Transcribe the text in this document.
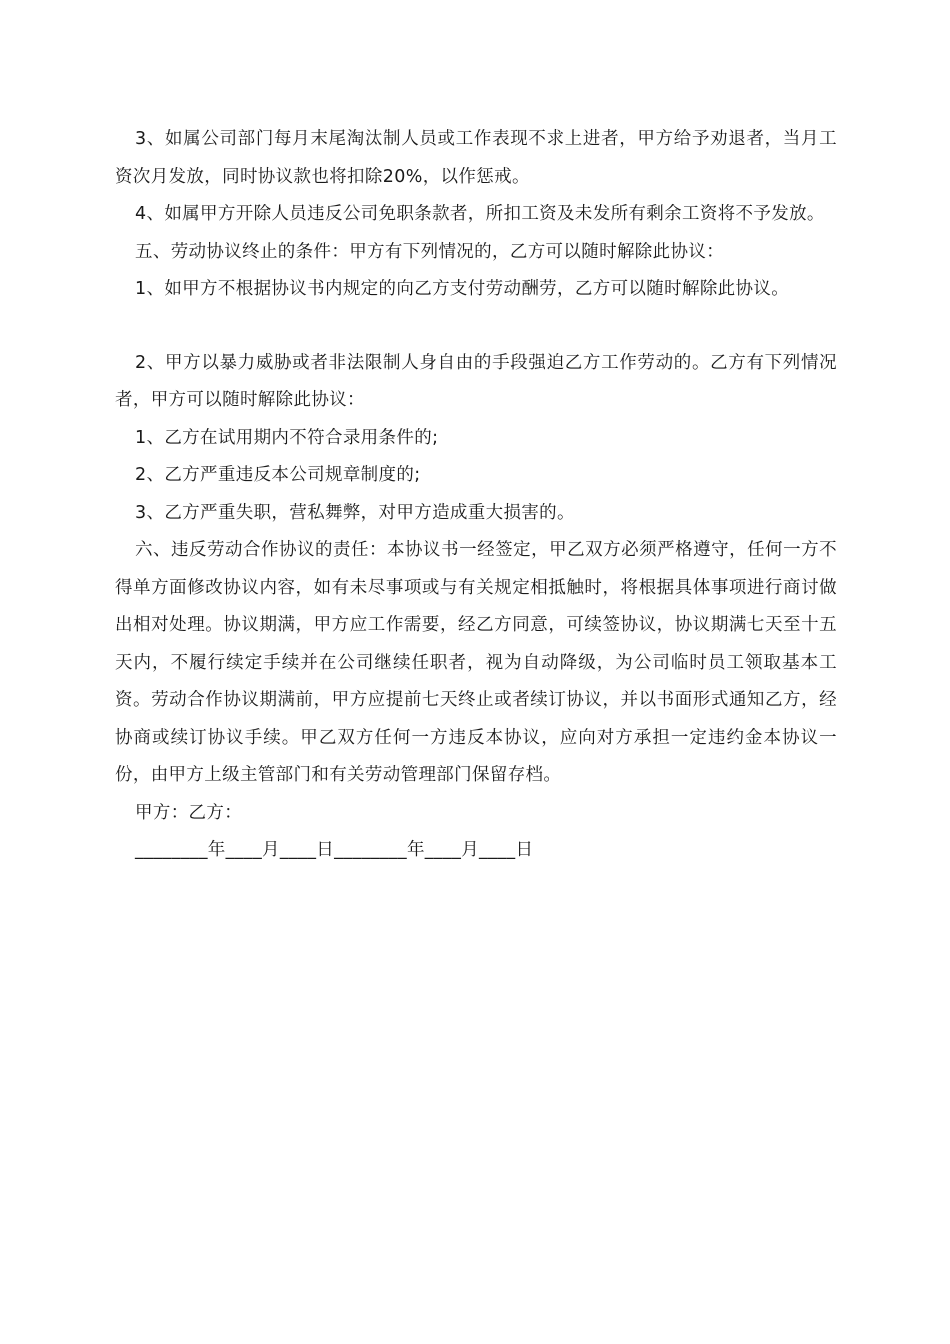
3、如属公司部门每月末尾淘汰制人员或工作表现不求上进者，甲方给予劝退者，当月工资次月发放，同时协议款也将扣除20%，以作惩戒。

4、如属甲方开除人员违反公司免职条款者，所扣工资及未发所有剩余工资将不予发放。

五、劳动协议终止的条件：甲方有下列情况的，乙方可以随时解除此协议：

1、如甲方不根据协议书内规定的向乙方支付劳动酬劳，乙方可以随时解除此协议。

2、甲方以暴力威胁或者非法限制人身自由的手段强迫乙方工作劳动的。乙方有下列情况者，甲方可以随时解除此协议：

1、乙方在试用期内不符合录用条件的;

2、乙方严重违反本公司规章制度的;

3、乙方严重失职，营私舞弊，对甲方造成重大损害的。

六、违反劳动合作协议的责任：本协议书一经签定，甲乙双方必须严格遵守，任何一方不得单方面修改协议内容，如有未尽事项或与有关规定相抵触时，将根据具体事项进行商讨做出相对处理。协议期满，甲方应工作需要，经乙方同意，可续签协议，协议期满七天至十五天内，不履行续定手续并在公司继续任职者，视为自动降级，为公司临时员工领取基本工资。劳动合作协议期满前，甲方应提前七天终止或者续订协议，并以书面形式通知乙方，经协商或续订协议手续。甲乙双方任何一方违反本协议，应向对方承担一定违约金本协议一份，由甲方上级主管部门和有关劳动管理部门保留存档。

甲方：乙方：

________年____月____日________年____月____日
